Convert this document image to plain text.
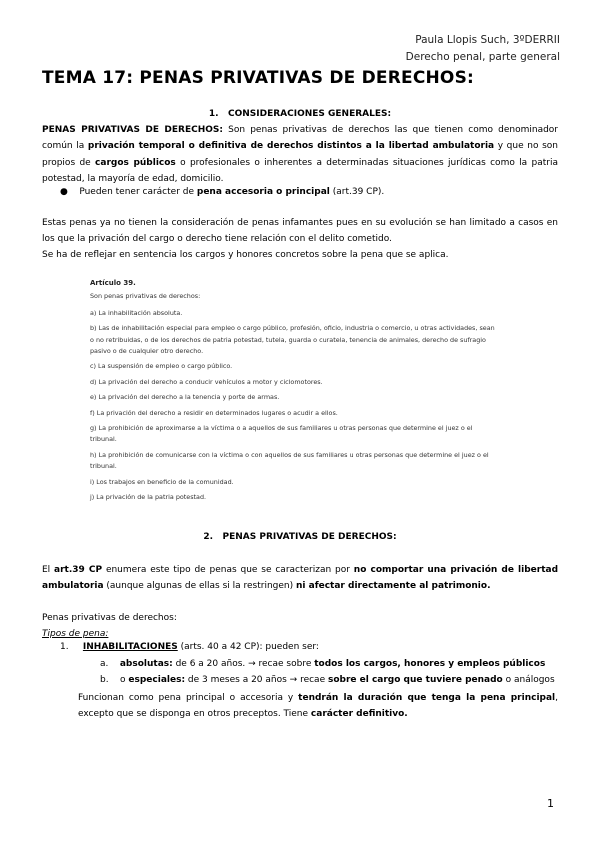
Paula Llopis Such, 3ºDERRII
Derecho penal, parte general
TEMA 17: PENAS PRIVATIVAS DE DERECHOS:
1. CONSIDERACIONES GENERALES:
PENAS PRIVATIVAS DE DERECHOS: Son penas privativas de derechos las que tienen como denominador común la privación temporal o definitiva de derechos distintos a la libertad ambulatoria y que no son propios de cargos públicos o profesionales o inherentes a determinadas situaciones jurídicas como la patria potestad, la mayoría de edad, domicilio.
● Pueden tener carácter de pena accesoria o principal (art.39 CP).
Estas penas ya no tienen la consideración de penas infamantes pues en su evolución se han limitado a casos en los que la privación del cargo o derecho tiene relación con el delito cometido.
Se ha de reflejar en sentencia los cargos y honores concretos sobre la pena que se aplica.
Artículo 39.
Son penas privativas de derechos:
a) La inhabilitación absoluta.
b) Las de inhabilitación especial para empleo o cargo público, profesión, oficio, industria o comercio, u otras actividades, sean o no retribuidas, o de los derechos de patria potestad, tutela, guarda o curatela, tenencia de animales, derecho de sufragio pasivo o de cualquier otro derecho.
c) La suspensión de empleo o cargo público.
d) La privación del derecho a conducir vehículos a motor y ciclomotores.
e) La privación del derecho a la tenencia y porte de armas.
f) La privación del derecho a residir en determinados lugares o acudir a ellos.
g) La prohibición de aproximarse a la víctima o a aquellos de sus familiares u otras personas que determine el juez o el tribunal.
h) La prohibición de comunicarse con la víctima o con aquellos de sus familiares u otras personas que determine el juez o el tribunal.
i) Los trabajos en beneficio de la comunidad.
j) La privación de la patria potestad.
2. PENAS PRIVATIVAS DE DERECHOS:
El art.39 CP enumera este tipo de penas que se caracterizan por no comportar una privación de libertad ambulatoria (aunque algunas de ellas si la restringen) ni afectar directamente al patrimonio.
Penas privativas de derechos:
Tipos de pena:
1. INHABILITACIONES (arts. 40 a 42 CP): pueden ser:
a. absolutas: de 6 a 20 años. → recae sobre todos los cargos, honores y empleos públicos
b. o especiales: de 3 meses a 20 años → recae sobre el cargo que tuviere penado o análogos
Funcionan como pena principal o accesoria y tendrán la duración que tenga la pena principal, excepto que se disponga en otros preceptos. Tiene carácter definitivo.
1
